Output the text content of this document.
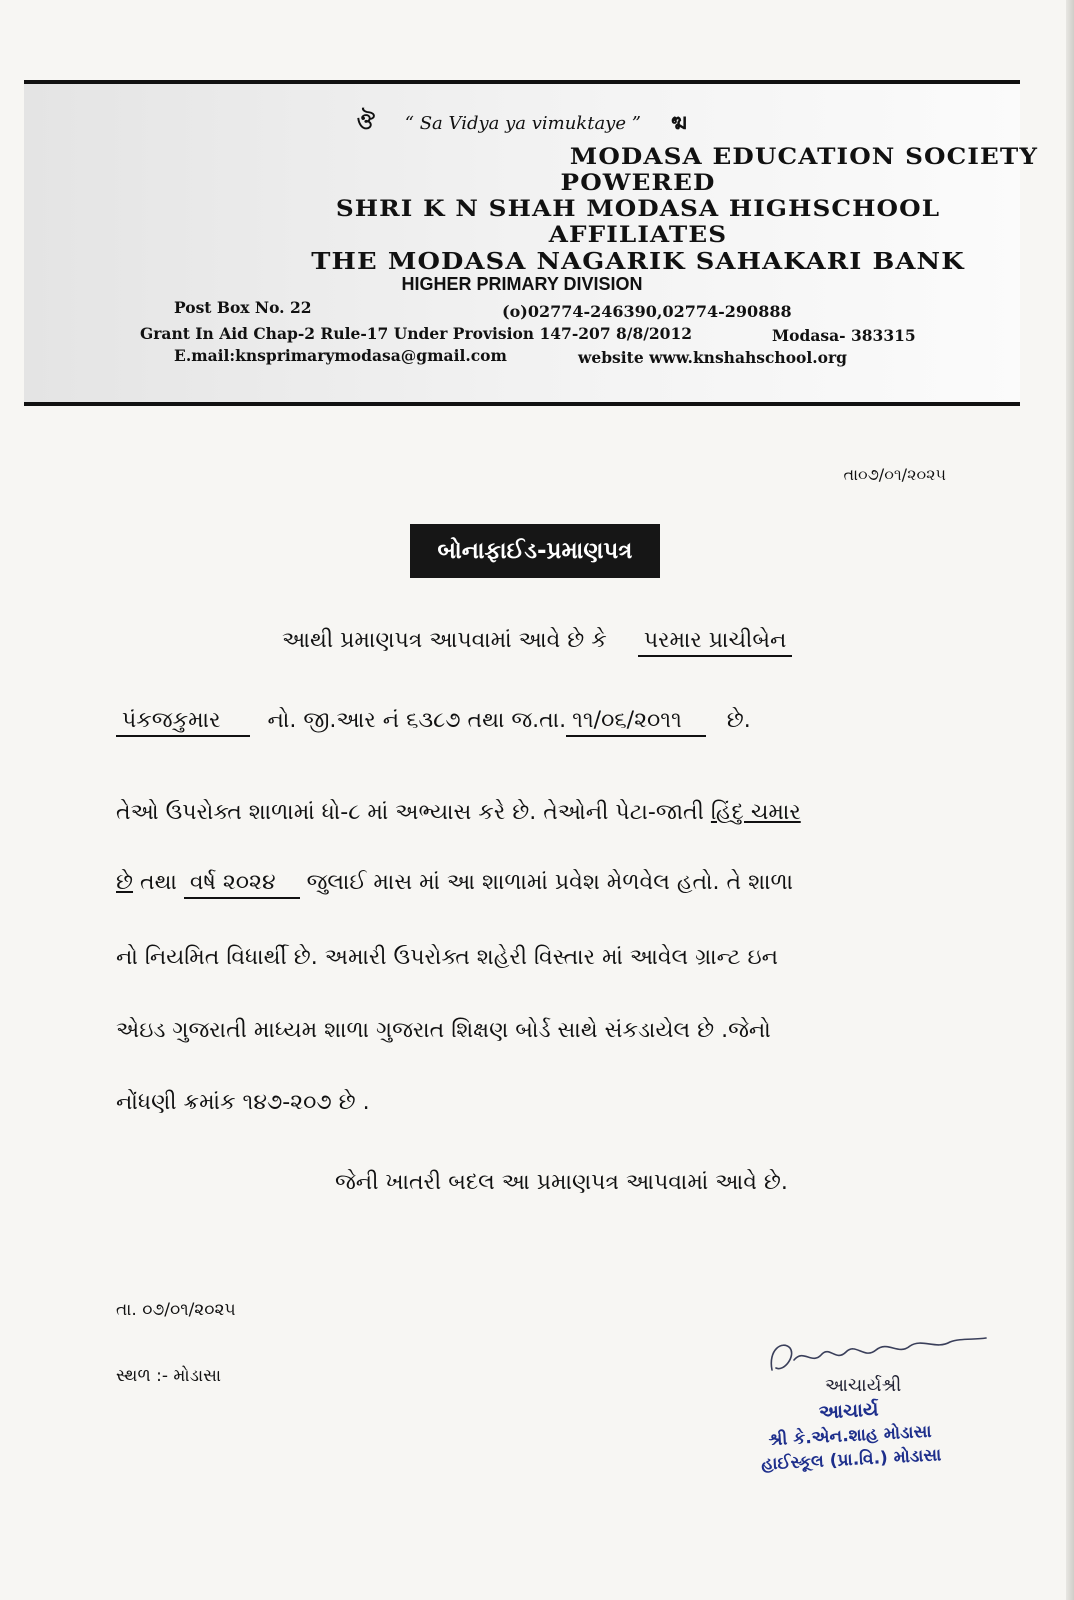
ঔ “ Sa Vidya ya vimuktaye ” ฆ
MODASA EDUCATION SOCIETY
POWERED
SHRI K N SHAH MODASA HIGHSCHOOL
AFFILIATES
THE MODASA NAGARIK SAHAKARI BANK
HIGHER PRIMARY DIVISION
Post Box No. 22	(o)02774-246390,02774-290888
Grant In Aid Chap-2 Rule-17 Under Provision 147-207 8/8/2012	Modasa- 383315
E.mail:knsprimarymodasa@gmail.com	website www.knshahschool.org
તા૦૭/૦૧/૨૦૨૫
બોનાફાઈડ-પ્રમાણપત્ર
આથી પ્રમાણપત્ર આપવામાં આવે છે કે પરમાર પ્રાચીબેન
પંકજકુમાર નો. જી.આર નં ૬૩૮૭ તથા જ.તા. ૧૧/૦૬/૨૦૧૧ છે.
તેઓ ઉપરોક્ત શાળામાં ધો-૮ માં અભ્યાસ કરે છે. તેઓની પેટા-જાતી હિંદુ ચમાર
છે તથા વર્ષ ૨૦૨૪ જુલાઈ માસ માં આ શાળામાં પ્રવેશ મેળવેલ હતો. તે શાળા
નો નિયમિત વિધાર્થી છે. અમારી ઉપરોક્ત શહેરી વિસ્તાર માં આવેલ ગ્રાન્ટ ઇન
એઇડ ગુજરાતી માધ્યમ શાળા ગુજરાત શિક્ષણ બોર્ડ સાથે સંકડાયેલ છે .જેનો
નોંધણી ક્રમાંક ૧૪૭-૨૦૭ છે .
જેની ખાતરી બદલ આ પ્રમાણપત્ર આપવામાં આવે છે.
તા. ૦૭/૦૧/૨૦૨૫
સ્થળ :- મોડાસા	આચાર્યશ્રી
આચાર્ય
શ્રી કે.એન.શાહ મોડાસા
હાઈસ્કૂલ (પ્રા.વિ.) મોડાસા
